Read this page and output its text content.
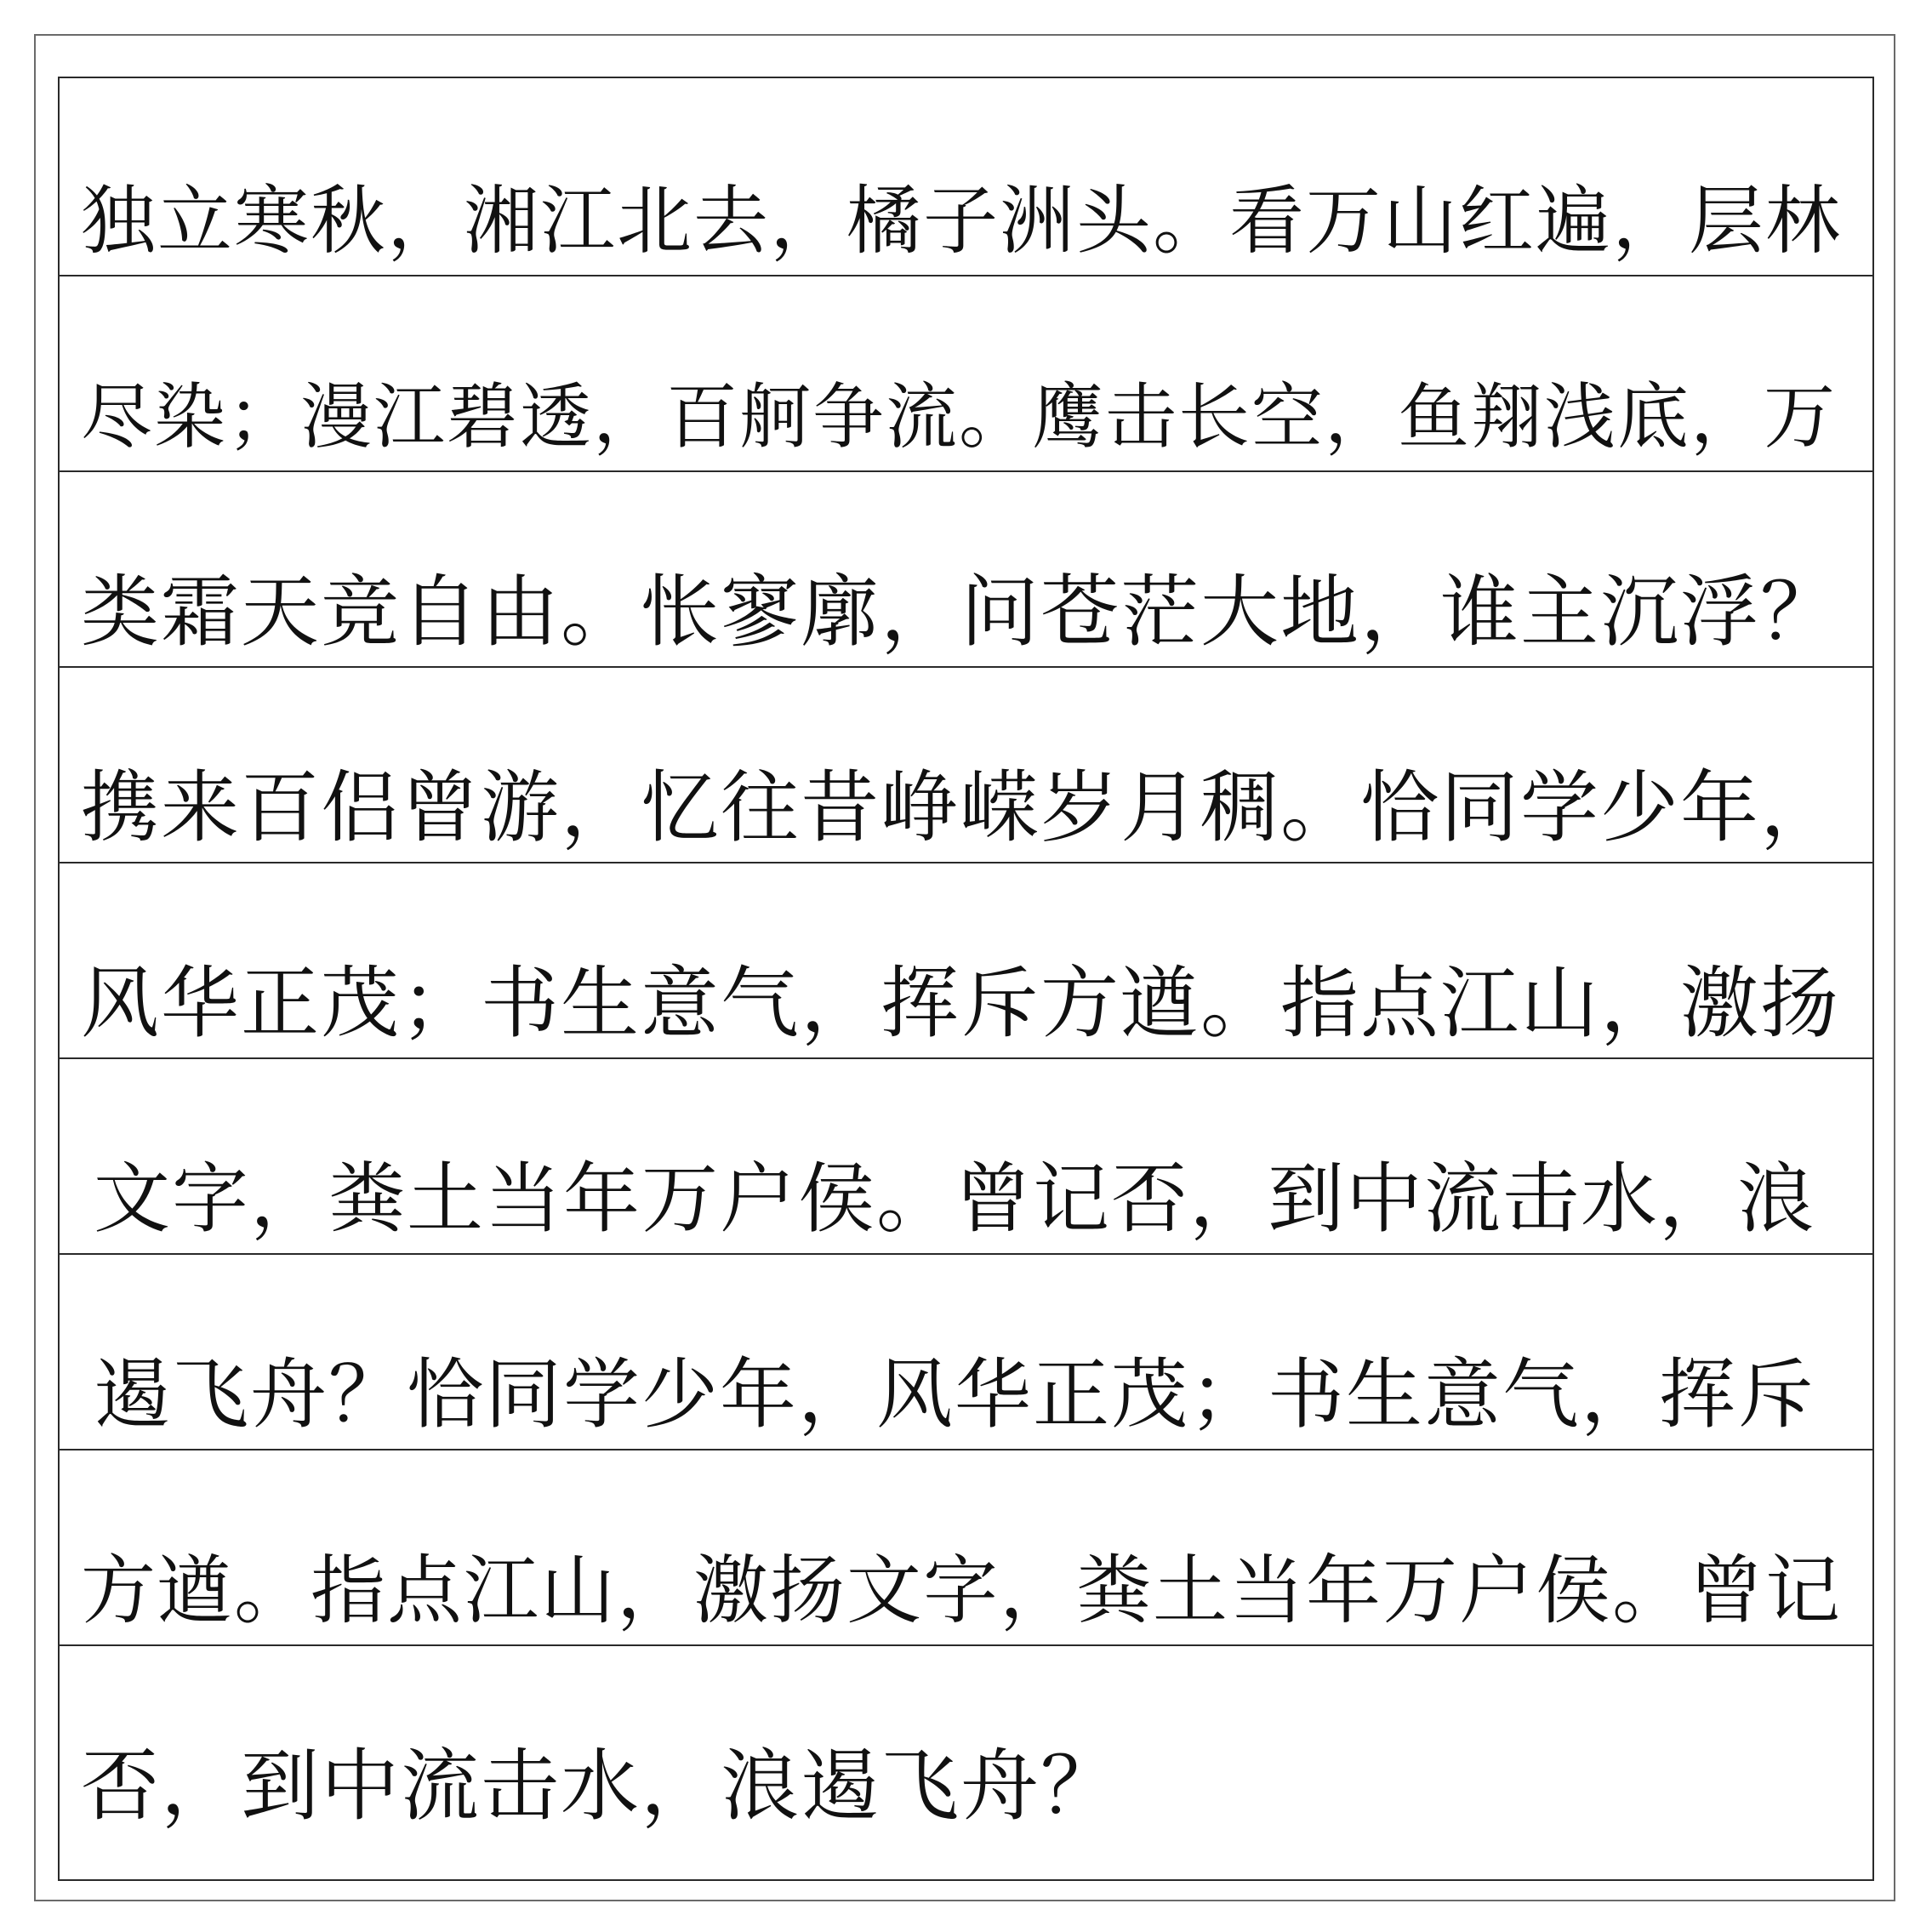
独立寒秋，湘江北去，橘子洲头。看万山红遍，层林
尽染；漫江碧透，百舸争流。鹰击长空，鱼翔浅底，万
类霜天竞自由。怅寥廓，问苍茫大地，谁主沉浮？
携来百侣曾游，忆往昔峥嵘岁月稠。恰同学少年，
风华正茂；书生意气，挥斥方遒。指点江山，激扬
文字，粪土当年万户侯。曾记否，到中流击水，浪
遏飞舟？恰同学少年，风华正茂；书生意气，挥斥
方遒。指点江山，激扬文字，粪土当年万户侯。曾记
否，到中流击水，浪遏飞舟？
